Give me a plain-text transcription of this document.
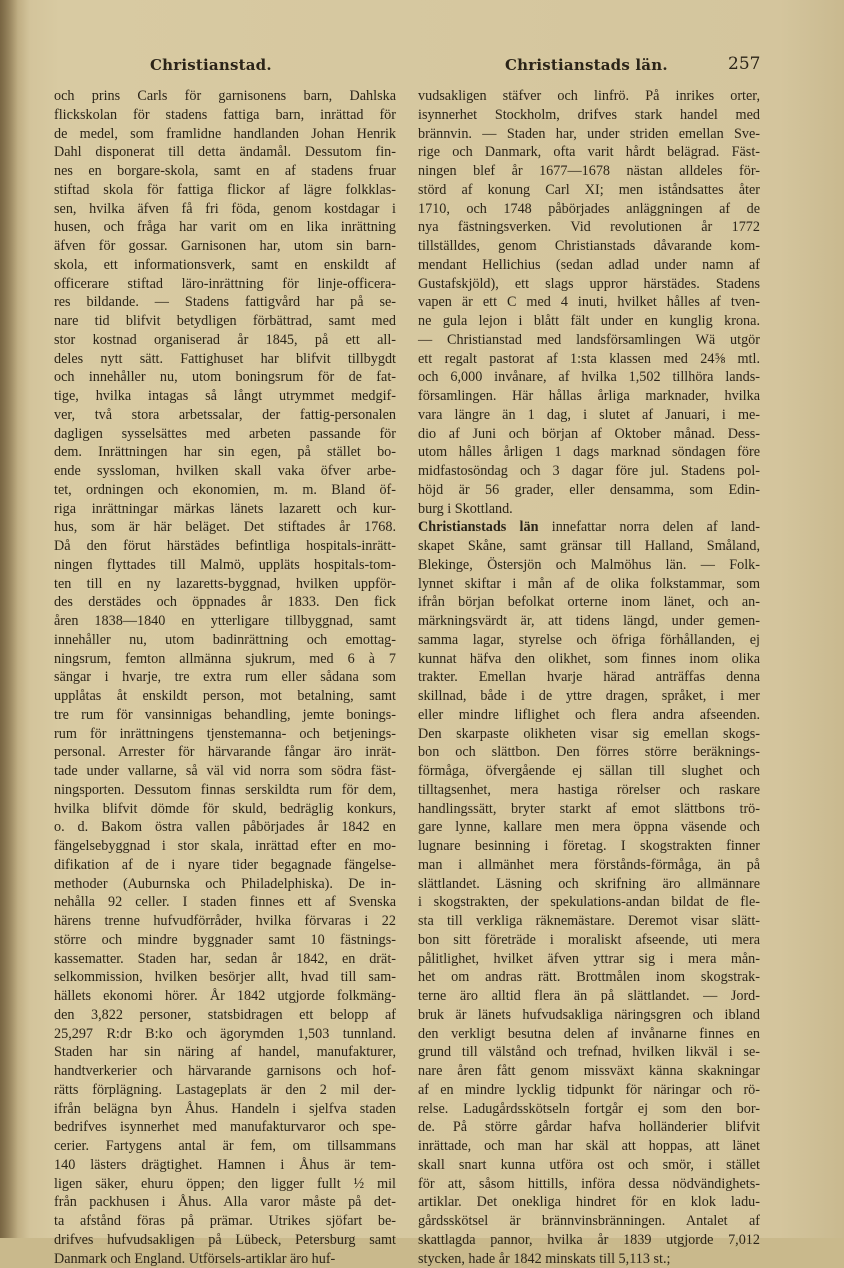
Christianstad.	Christianstads län.	257
och prins Carls för garnisonens barn, Dahlska
flickskolan för stadens fattiga barn, inrättad för
de medel, som framlidne handlanden Johan Henrik
Dahl disponerat till detta ändamål. Dessutom fin-
nes en borgare-skola, samt en af stadens fruar
stiftad skola för fattiga flickor af lägre folkklas-
sen, hvilka äfven få fri föda, genom kostdagar i
husen, och fråga har varit om en lika inrättning
äfven för gossar. Garnisonen har, utom sin barn-
skola, ett informationsverk, samt en enskildt af
officerare stiftad läro-inrättning för linje-officera-
res bildande. — Stadens fattigvård har på se-
nare tid blifvit betydligen förbättrad, samt med
stor kostnad organiserad år 1845, på ett all-
deles nytt sätt. Fattighuset har blifvit tillbygdt
och innehåller nu, utom boningsrum för de fat-
tige, hvilka intagas så långt utrymmet medgif-
ver, två stora arbetssalar, der fattig-personalen
dagligen sysselsättes med arbeten passande för
dem. Inrättningen har sin egen, på stället bo-
ende syssloman, hvilken skall vaka öfver arbe-
tet, ordningen och ekonomien, m. m. Bland öf-
riga inrättningar märkas länets lazarett och kur-
hus, som är här beläget. Det stiftades år 1768.
Då den förut härstädes befintliga hospitals-inrätt-
ningen flyttades till Malmö, uppläts hospitals-tom-
ten till en ny lazaretts-byggnad, hvilken uppför-
des derstädes och öppnades år 1833. Den fick
åren 1838—1840 en ytterligare tillbyggnad, samt
innehåller nu, utom badinrättning och emottag-
ningsrum, femton allmänna sjukrum, med 6 à 7
sängar i hvarje, tre extra rum eller sådana som
upplåtas åt enskildt person, mot betalning, samt
tre rum för vansinnigas behandling, jemte bonings-
rum för inrättningens tjenstemanna- och betjenings-
personal. Arrester för härvarande fångar äro inrät-
tade under vallarne, så väl vid norra som södra fäst-
ningsporten. Dessutom finnas serskildta rum för dem,
hvilka blifvit dömde för skuld, bedräglig konkurs,
o. d. Bakom östra vallen påbörjades år 1842 en
fängelsebyggnad i stor skala, inrättad efter en mo-
difikation af de i nyare tider begagnade fängelse-
methoder (Auburnska och Philadelphiska). De in-
nehålla 92 celler. I staden finnes ett af Svenska
härens trenne hufvudförråder, hvilka förvaras i 22
större och mindre byggnader samt 10 fästnings-
kassematter. Staden har, sedan år 1842, en drät-
selkommission, hvilken besörjer allt, hvad till sam-
hällets ekonomi hörer. År 1842 utgjorde folkmäng-
den 3,822 personer, statsbidragen ett belopp af
25,297 R:dr B:ko och ägorymden 1,503 tunnland.
Staden har sin näring af handel, manufakturer,
handtverkerier och härvarande garnisons och hof-
rätts förplägning. Lastageplats är den 2 mil der-
ifrån belägna byn Åhus. Handeln i sjelfva staden
bedrifves isynnerhet med manufakturvaror och spe-
cerier. Fartygens antal är fem, om tillsammans
140 lästers drägtighet. Hamnen i Åhus är tem-
ligen säker, ehuru öppen; den ligger fullt ½ mil
från packhusen i Åhus. Alla varor måste på det-
ta afstånd föras på prämar. Utrikes sjöfart be-
drifves hufvudsakligen på Lübeck, Petersburg samt
Danmark och England. Utförsels-artiklar äro huf-
vudsakligen stäfver och linfrö. På inrikes orter,
isynnerhet Stockholm, drifves stark handel med
brännvin. — Staden har, under striden emellan Sve-
rige och Danmark, ofta varit hårdt belägrad. Fäst-
ningen blef år 1677—1678 nästan alldeles för-
störd af konung Carl XI; men iståndsattes åter
1710, och 1748 påbörjades anläggningen af de
nya fästningsverken. Vid revolutionen år 1772
tillställdes, genom Christianstads dåvarande kom-
mendant Hellichius (sedan adlad under namn af
Gustafskjöld), ett slags uppror härstädes. Stadens
vapen är ett C med 4 inuti, hvilket hålles af tven-
ne gula lejon i blått fält under en kunglig krona.
— Christianstad med landsförsamlingen Wä utgör
ett regalt pastorat af 1:sta klassen med 24⅝ mtl.
och 6,000 invånare, af hvilka 1,502 tillhöra lands-
församlingen. Här hållas årliga marknader, hvilka
vara längre än 1 dag, i slutet af Januari, i me-
dio af Juni och början af Oktober månad. Dess-
utom hålles årligen 1 dags marknad söndagen före
midfastosöndag och 3 dagar före jul. Stadens pol-
höjd är 56 grader, eller densamma, som Edin-
burg i Skottland.
Christianstads län innefattar norra delen af land-
skapet Skåne, samt gränsar till Halland, Småland,
Blekinge, Östersjön och Malmöhus län. — Folk-
lynnet skiftar i mån af de olika folkstammar, som
ifrån början befolkat orterne inom länet, och an-
märkningsvärdt är, att tidens längd, under gemen-
samma lagar, styrelse och öfriga förhållanden, ej
kunnat häfva den olikhet, som finnes inom olika
trakter. Emellan hvarje härad anträffas denna
skillnad, både i de yttre dragen, språket, i mer
eller mindre liflighet och flera andra afseenden.
Den skarpaste olikheten visar sig emellan skogs-
bon och slättbon. Den förres större beräknings-
förmåga, öfvergående ej sällan till slughet och
tilltagsenhet, mera hastiga rörelser och raskare
handlingssätt, bryter starkt af emot slättbons trö-
gare lynne, kallare men mera öppna väsende och
lugnare besinning i företag. I skogstrakten finner
man i allmänhet mera förstånds-förmåga, än på
slättlandet. Läsning och skrifning äro allmännare
i skogstrakten, der spekulations-andan bildat de fle-
sta till verkliga räknemästare. Deremot visar slätt-
bon sitt företräde i moraliskt afseende, uti mera
pålitlighet, hvilket äfven yttrar sig i mera mån-
het om andras rätt. Brottmålen inom skogstrak-
terne äro alltid flera än på slättlandet. — Jord-
bruk är länets hufvudsakliga näringsgren och ibland
den verkligt besutna delen af invånarne finnes en
grund till välstånd och trefnad, hvilken likväl i se-
nare åren fått genom missväxt känna skakningar
af en mindre lycklig tidpunkt för näringar och rö-
relse. Ladugårdsskötseln fortgår ej som den bor-
de. På större gårdar hafva holländerier blifvit
inrättade, och man har skäl att hoppas, att länet
skall snart kunna utföra ost och smör, i stället
för att, såsom hittills, införa dessa nödvändighets-
artiklar. Det onekliga hindret för en klok ladu-
gårdsskötsel är brännvinsbränningen. Antalet af
skattlagda pannor, hvilka år 1839 utgjorde 7,012
stycken, hade år 1842 minskats till 5,113 st.;
